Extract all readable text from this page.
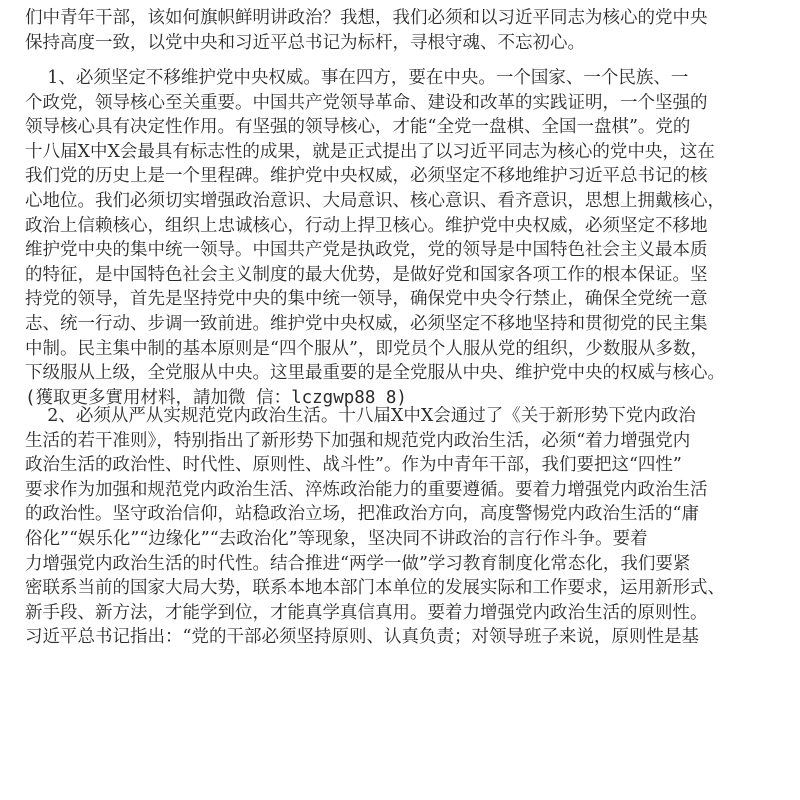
们中青年干部，该如何旗帜鲜明讲政治？我想，我们必须和以习近平同志为核心的党中央
保持高度一致，以党中央和习近平总书记为标杆，寻根守魂、不忘初心。
1、必须坚定不移维护党中央权威。事在四方，要在中央。一个国家、一个民族、一
个政党，领导核心至关重要。中国共产党领导革命、建设和改革的实践证明，一个坚强的
领导核心具有决定性作用。有坚强的领导核心，才能“全党一盘棋、全国一盘棋”。党的
十八届X中X会最具有标志性的成果，就是正式提出了以习近平同志为核心的党中央，这在
我们党的历史上是一个里程碑。维护党中央权威，必须坚定不移地维护习近平总书记的核
心地位。我们必须切实增强政治意识、大局意识、核心意识、看齐意识，思想上拥戴核心，
政治上信赖核心，组织上忠诚核心，行动上捍卫核心。维护党中央权威，必须坚定不移地
维护党中央的集中统一领导。中国共产党是执政党，党的领导是中国特色社会主义最本质
的特征，是中国特色社会主义制度的最大优势，是做好党和国家各项工作的根本保证。坚
持党的领导，首先是坚持党中央的集中统一领导，确保党中央令行禁止，确保全党统一意
志、统一行动、步调一致前进。维护党中央权威，必须坚定不移地坚持和贯彻党的民主集
中制。民主集中制的基本原则是“四个服从”，即党员个人服从党的组织，少数服从多数，
下级服从上级，全党服从中央。这里最重要的是全党服从中央、维护党中央的权威与核心。
(獲取更多實用材料，請加微 信：lczgwp88 8)
2、必须从严从实规范党内政治生活。十八届X中X会通过了《关于新形势下党内政治
生活的若干准则》，特别指出了新形势下加强和规范党内政治生活，必须“着力增强党内
政治生活的政治性、时代性、原则性、战斗性”。作为中青年干部，我们要把这“四性”
要求作为加强和规范党内政治生活、淬炼政治能力的重要遵循。要着力增强党内政治生活
的政治性。坚守政治信仰，站稳政治立场，把准政治方向，高度警惕党内政治生活的“庸
俗化”“娱乐化”“边缘化”“去政治化”等现象，坚决同不讲政治的言行作斗争。要着
力增强党内政治生活的时代性。结合推进“两学一做”学习教育制度化常态化，我们要紧
密联系当前的国家大局大势，联系本地本部门本单位的发展实际和工作要求，运用新形式、
新手段、新方法，才能学到位，才能真学真信真用。要着力增强党内政治生活的原则性。
习近平总书记指出：“党的干部必须坚持原则、认真负责；对领导班子来说，原则性是基
